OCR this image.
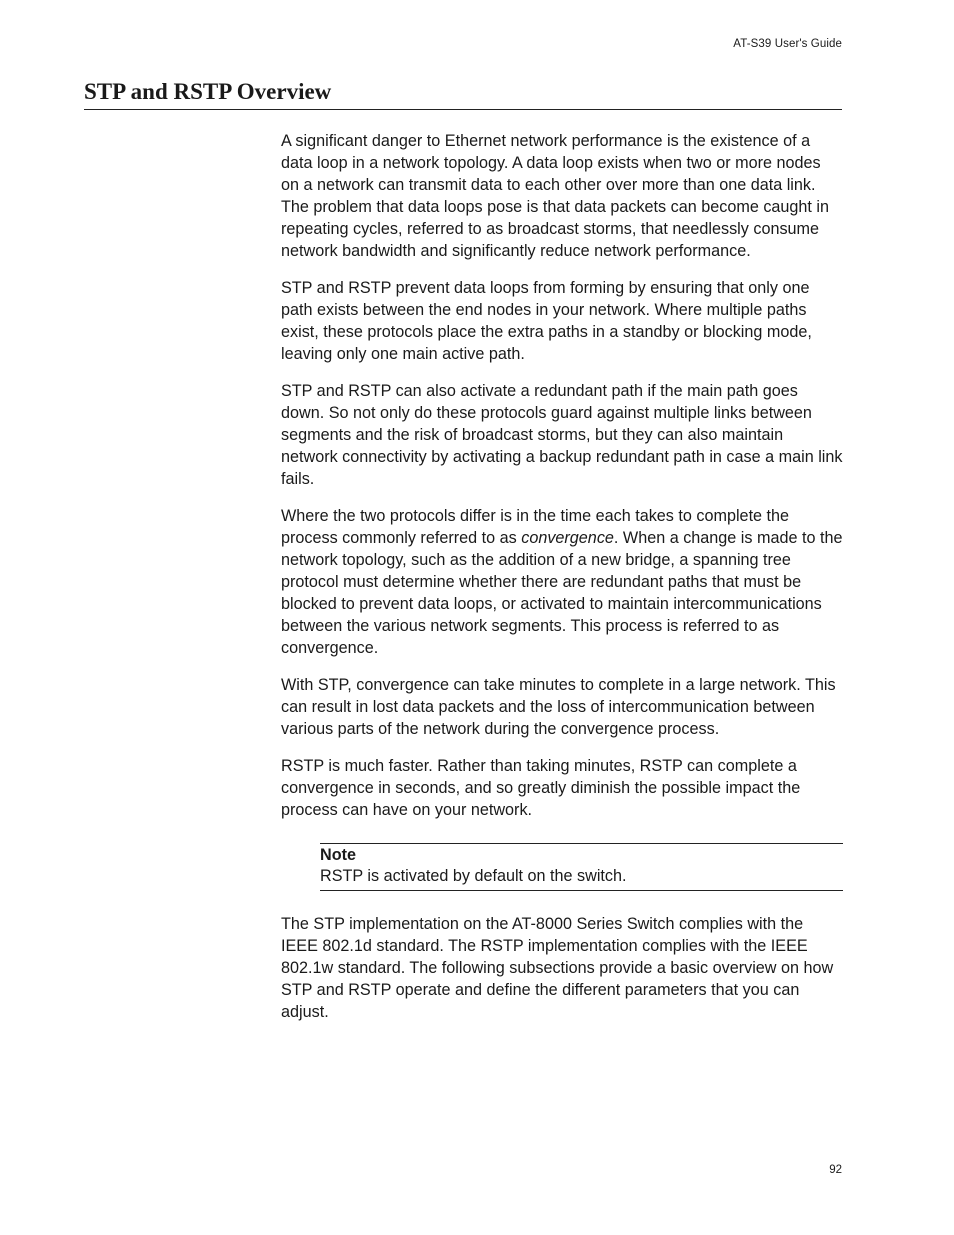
AT-S39 User's Guide
STP and RSTP Overview

A significant danger to Ethernet network performance is the existence of a data loop in a network topology. A data loop exists when two or more nodes on a network can transmit data to each other over more than one data link. The problem that data loops pose is that data packets can become caught in repeating cycles, referred to as broadcast storms, that needlessly consume network bandwidth and significantly reduce network performance.

STP and RSTP prevent data loops from forming by ensuring that only one path exists between the end nodes in your network. Where multiple paths exist, these protocols place the extra paths in a standby or blocking mode, leaving only one main active path.

STP and RSTP can also activate a redundant path if the main path goes down. So not only do these protocols guard against multiple links between segments and the risk of broadcast storms, but they can also maintain network connectivity by activating a backup redundant path in case a main link fails.

Where the two protocols differ is in the time each takes to complete the process commonly referred to as convergence. When a change is made to the network topology, such as the addition of a new bridge, a spanning tree protocol must determine whether there are redundant paths that must be blocked to prevent data loops, or activated to maintain intercommunications between the various network segments. This process is referred to as convergence.

With STP, convergence can take minutes to complete in a large network. This can result in lost data packets and the loss of intercommunication between various parts of the network during the convergence process.

RSTP is much faster. Rather than taking minutes, RSTP can complete a convergence in seconds, and so greatly diminish the possible impact the process can have on your network.

Note
RSTP is activated by default on the switch.

The STP implementation on the AT-8000 Series Switch complies with the IEEE 802.1d standard. The RSTP implementation complies with the IEEE 802.1w standard. The following subsections provide a basic overview on how STP and RSTP operate and define the different parameters that you can adjust.

92
